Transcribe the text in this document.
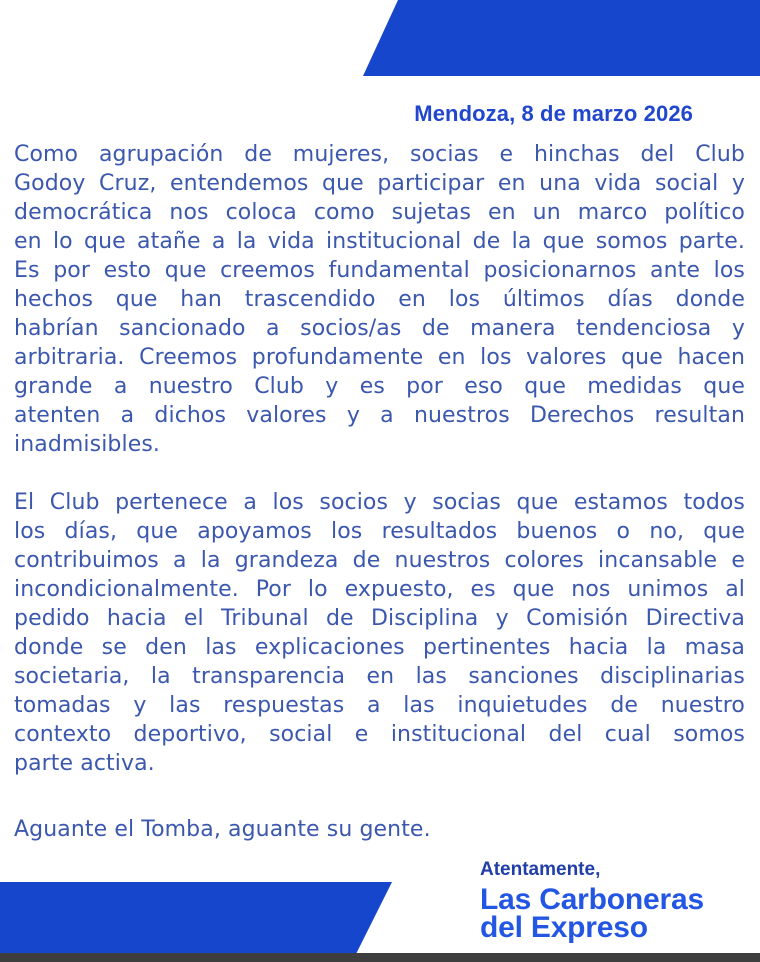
Mendoza, 8 de marzo 2026

Como agrupación de mujeres, socias e hinchas del Club
Godoy Cruz, entendemos que participar en una vida social y
democrática nos coloca como sujetas en un marco político
en lo que atañe a la vida institucional de la que somos parte.
Es por esto que creemos fundamental posicionarnos ante los
hechos que han trascendido en los últimos días donde
habrían sancionado a socios/as de manera tendenciosa y
arbitraria. Creemos profundamente en los valores que hacen
grande a nuestro Club y es por eso que medidas que
atenten a dichos valores y a nuestros Derechos resultan
inadmisibles.

El Club pertenece a los socios y socias que estamos todos
los días, que apoyamos los resultados buenos o no, que
contribuimos a la grandeza de nuestros colores incansable e
incondicionalmente. Por lo expuesto, es que nos unimos al
pedido hacia el Tribunal de Disciplina y Comisión Directiva
donde se den las explicaciones pertinentes hacia la masa
societaria, la transparencia en las sanciones disciplinarias
tomadas y las respuestas a las inquietudes de nuestro
contexto deportivo, social e institucional del cual somos
parte activa.

Aguante el Tomba, aguante su gente.

Atentamente,
Las Carboneras
del Expreso
